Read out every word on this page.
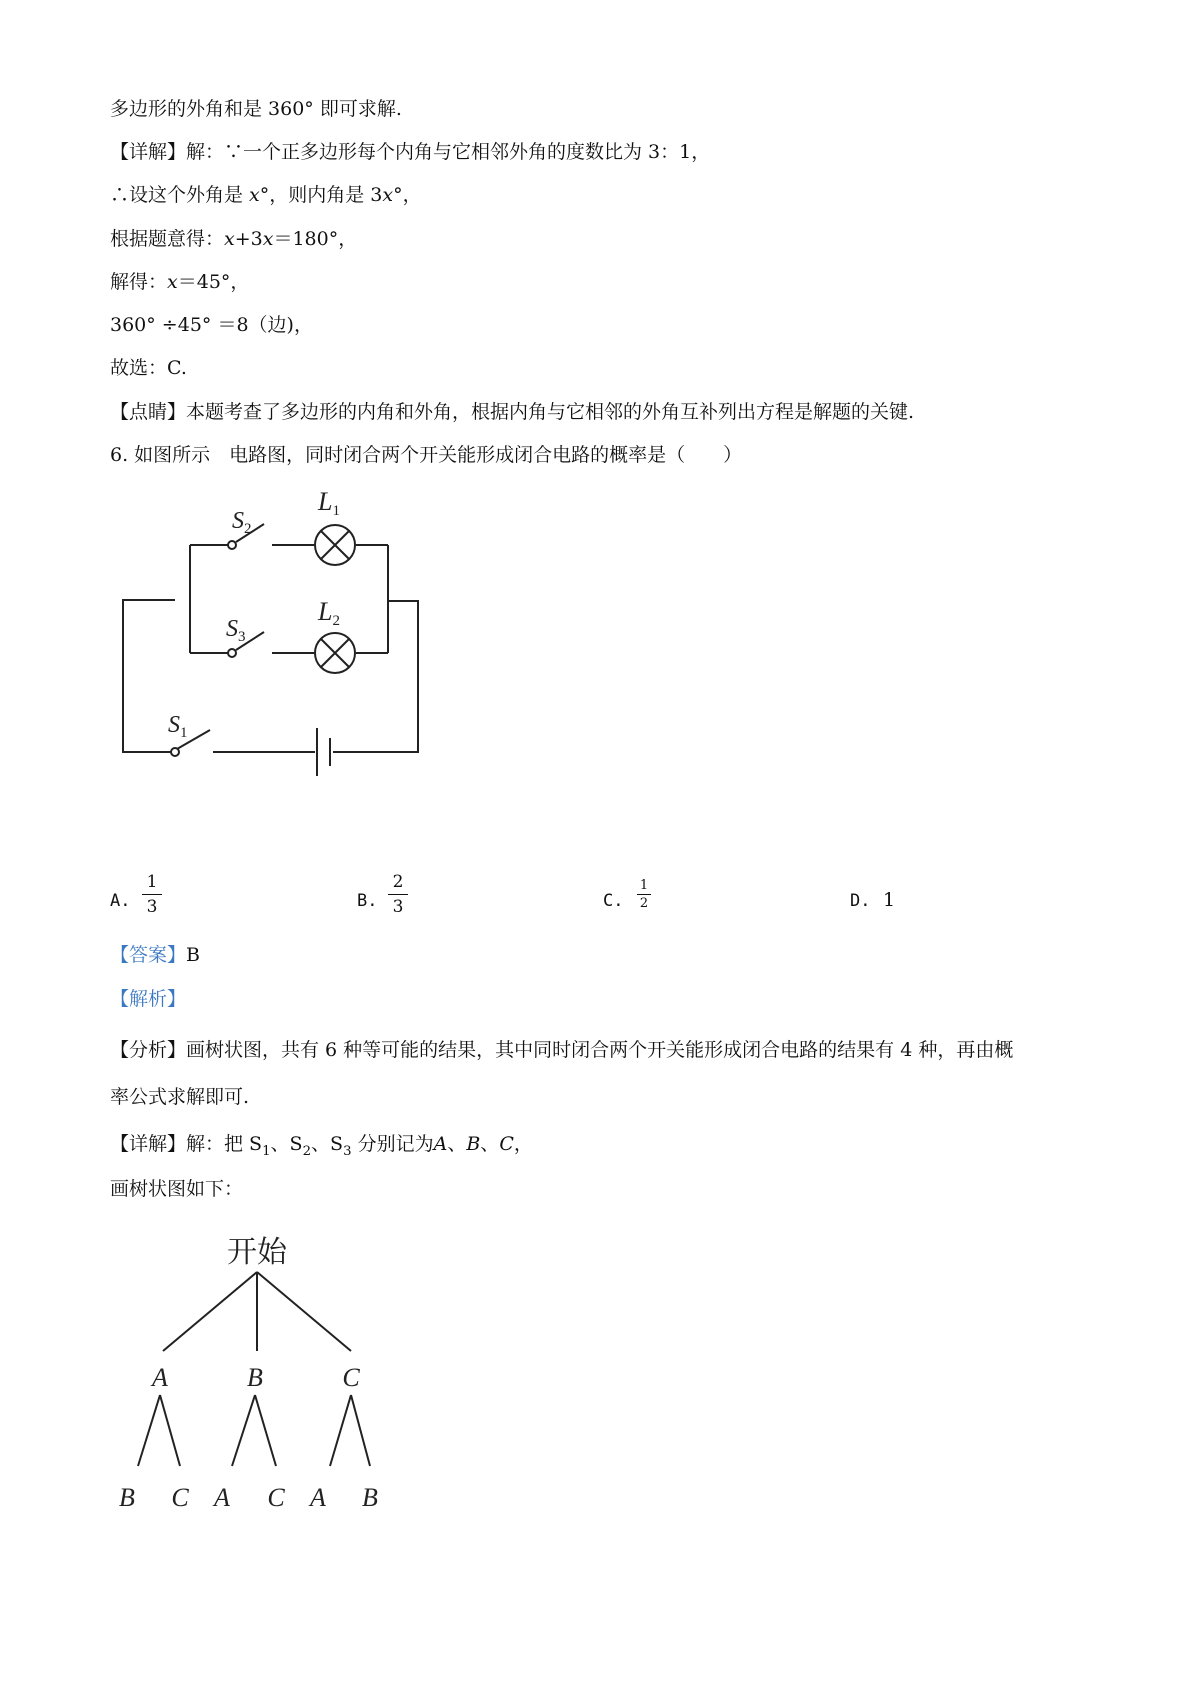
多边形的外角和是 360° 即可求解.
【详解】解：∵一个正多边形每个内角与它相邻外角的度数比为 3：1，
∴设这个外角是 x°，则内角是 3x°，
根据题意得：x+3x＝180°，
解得：x＝45°，
360° ÷45° ＝8（边)，
故选：C.
【点睛】本题考查了多边形的内角和外角，根据内角与它相邻的外角互补列出方程是解题的关键.
6. 如图所示　电路图，同时闭合两个开关能形成闭合电路的概率是（　　）
$S_2$
$S_3$
$S_1$
L1
L2
A.
1
3	B.
2
3	C.
1
2	D. 1
【答案】B
【解析】
【分析】画树状图，共有 6 种等可能的结果，其中同时闭合两个开关能形成闭合电路的结果有 4 种，再由概
率公式求解即可.
【详解】解：把 $S_1$、$S_2$、$S_3$ 分别记为A、B、C，
画树状图如下：
开始
A	B	C
B C A C A B
